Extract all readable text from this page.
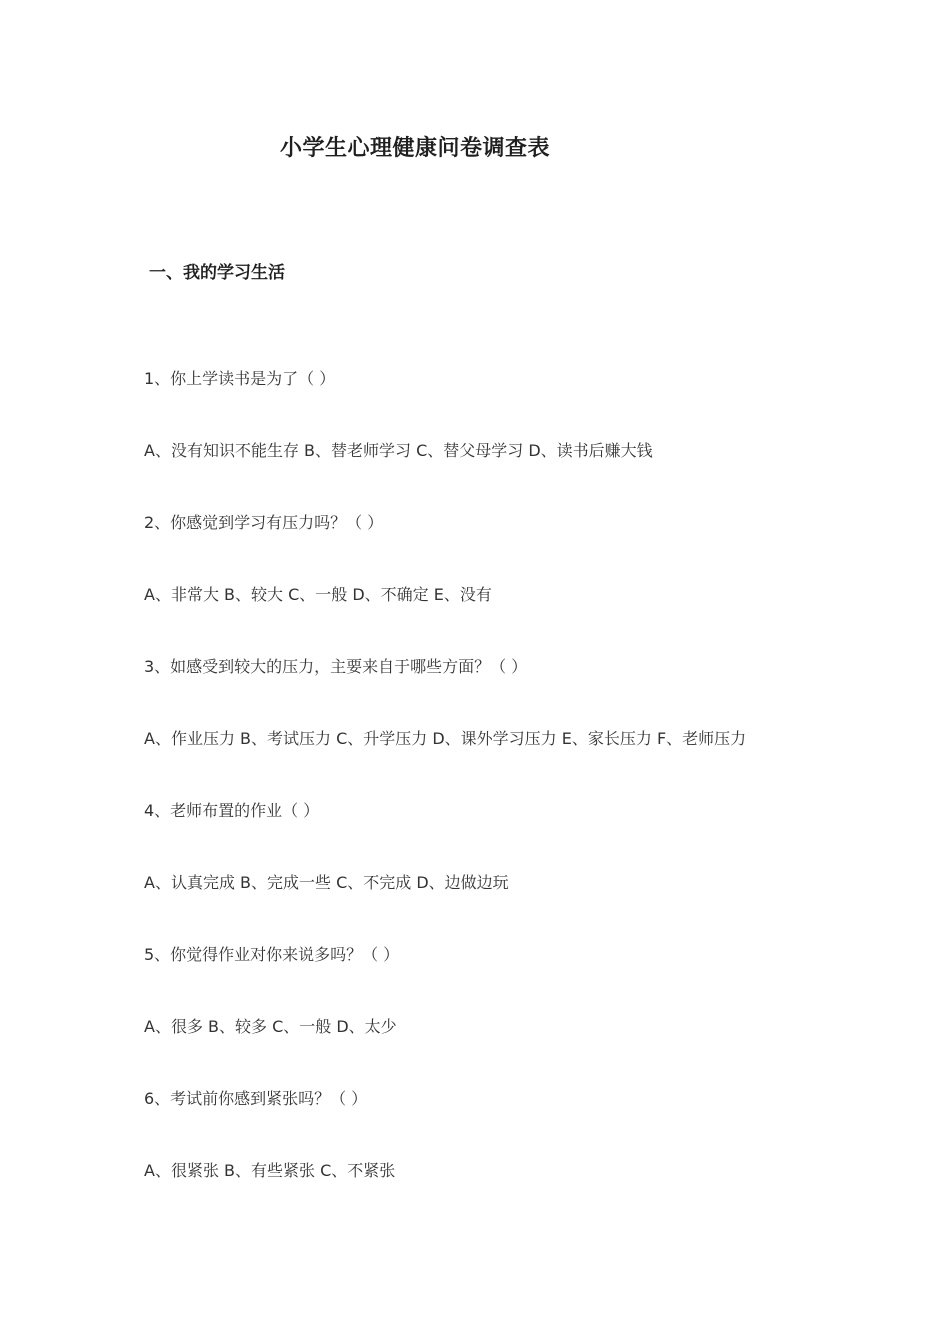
小学生心理健康问卷调查表
一、我的学习生活
1、你上学读书是为了（ ）
A、没有知识不能生存 B、替老师学习 C、替父母学习 D、读书后赚大钱
2、你感觉到学习有压力吗？（ ）
A、非常大 B、较大 C、一般 D、不确定 E、没有
3、如感受到较大的压力，主要来自于哪些方面？（ ）
A、作业压力 B、考试压力 C、升学压力 D、课外学习压力 E、家长压力 F、老师压力
4、老师布置的作业（ ）
A、认真完成 B、完成一些 C、不完成 D、边做边玩
5、你觉得作业对你来说多吗？（ ）
A、很多 B、较多 C、一般 D、太少
6、考试前你感到紧张吗？（ ）
A、很紧张 B、有些紧张 C、不紧张
